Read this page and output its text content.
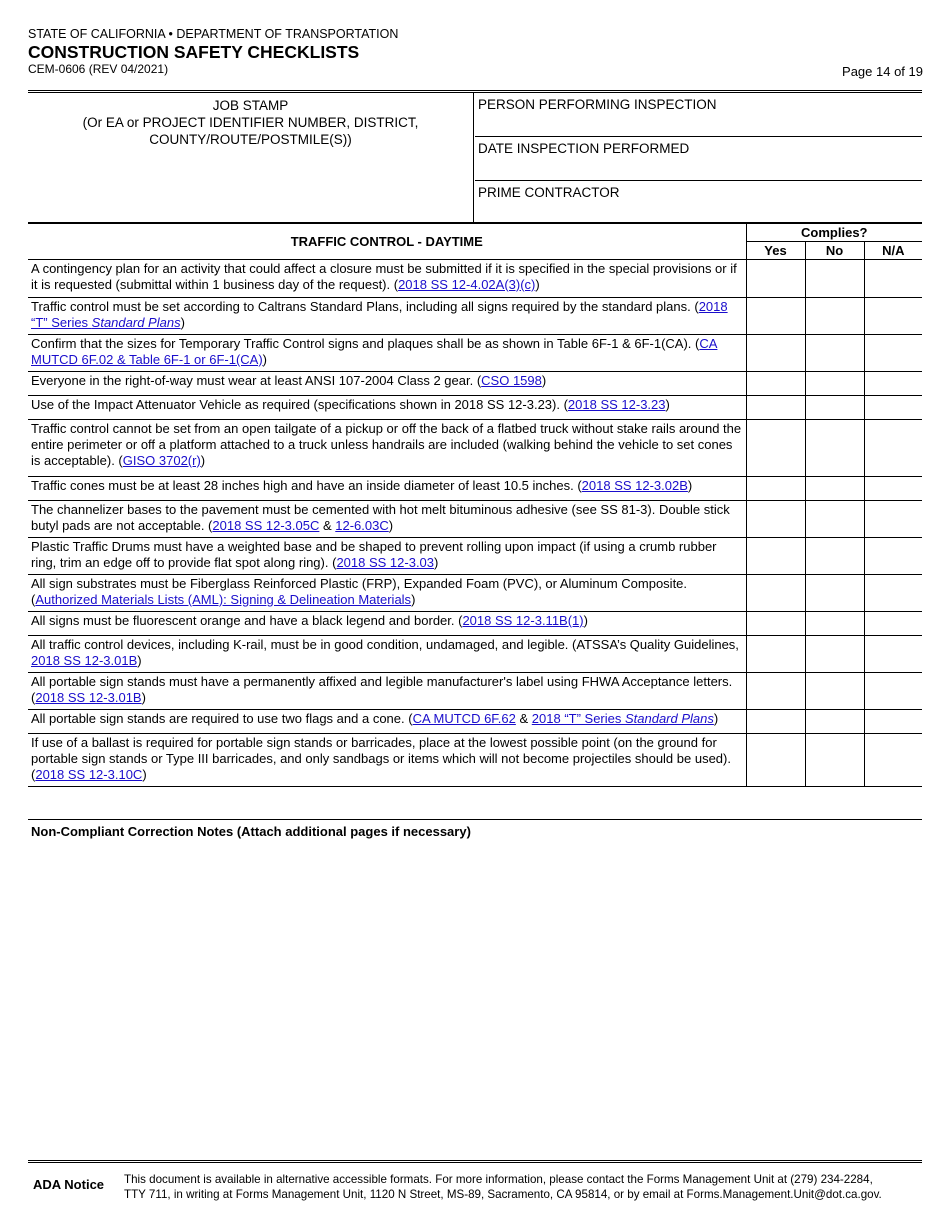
STATE OF CALIFORNIA • DEPARTMENT OF TRANSPORTATION
CONSTRUCTION SAFETY CHECKLISTS
CEM-0606 (REV 04/2021)	Page 14 of 19
JOB STAMP
(Or EA or PROJECT IDENTIFIER NUMBER, DISTRICT,
COUNTY/ROUTE/POSTMILE(S))
PERSON PERFORMING INSPECTION
DATE INSPECTION PERFORMED
PRIME CONTRACTOR
TRAFFIC CONTROL - DAYTIME	Complies?		
	Yes	No	N/A
A contingency plan for an activity that could affect a closure must be submitted if it is specified in the special provisions or if it is requested (submittal within 1 business day of the request). (2018 SS 12-4.02A(3)(c))			
Traffic control must be set according to Caltrans Standard Plans, including all signs required by the standard plans. (2018 “T” Series Standard Plans)			
Confirm that the sizes for Temporary Traffic Control signs and plaques shall be as shown in Table 6F-1 & 6F-1(CA). (CA MUTCD 6F.02 & Table 6F-1 or 6F-1(CA))			
Everyone in the right-of-way must wear at least ANSI 107-2004 Class 2 gear. (CSO 1598)			
Use of the Impact Attenuator Vehicle as required (specifications shown in 2018 SS 12-3.23). (2018 SS 12-3.23)			
Traffic control cannot be set from an open tailgate of a pickup or off the back of a flatbed truck without stake rails around the entire perimeter or off a platform attached to a truck unless handrails are included (walking behind the vehicle to set cones is acceptable). (GISO 3702(r))			
Traffic cones must be at least 28 inches high and have an inside diameter of least 10.5 inches. (2018 SS 12-3.02B)			
The channelizer bases to the pavement must be cemented with hot melt bituminous adhesive (see SS 81-3). Double stick butyl pads are not acceptable. (2018 SS 12-3.05C & 12-6.03C)			
Plastic Traffic Drums must have a weighted base and be shaped to prevent rolling upon impact (if using a crumb rubber ring, trim an edge off to provide flat spot along ring). (2018 SS 12-3.03)			
All sign substrates must be Fiberglass Reinforced Plastic (FRP), Expanded Foam (PVC), or Aluminum Composite. (Authorized Materials Lists (AML): Signing & Delineation Materials)			
All signs must be fluorescent orange and have a black legend and border. (2018 SS 12-3.11B(1))			
All traffic control devices, including K-rail, must be in good condition, undamaged, and legible. (ATSSA’s Quality Guidelines, 2018 SS 12-3.01B)			
All portable sign stands must have a permanently affixed and legible manufacturer's label using FHWA Acceptance letters. (2018 SS 12-3.01B)			
All portable sign stands are required to use two flags and a cone. (CA MUTCD 6F.62 & 2018 “T” Series Standard Plans)			
If use of a ballast is required for portable sign stands or barricades, place at the lowest possible point (on the ground for portable sign stands or Type III barricades, and only sandbags or items which will not become projectiles should be used). (2018 SS 12-3.10C)			
Non-Compliant Correction Notes (Attach additional pages if necessary)
ADA Notice This document is available in alternative accessible formats. For more information, please contact the Forms Management Unit at (279) 234-2284,
TTY 711, in writing at Forms Management Unit, 1120 N Street, MS-89, Sacramento, CA 95814, or by email at Forms.Management.Unit@dot.ca.gov.
